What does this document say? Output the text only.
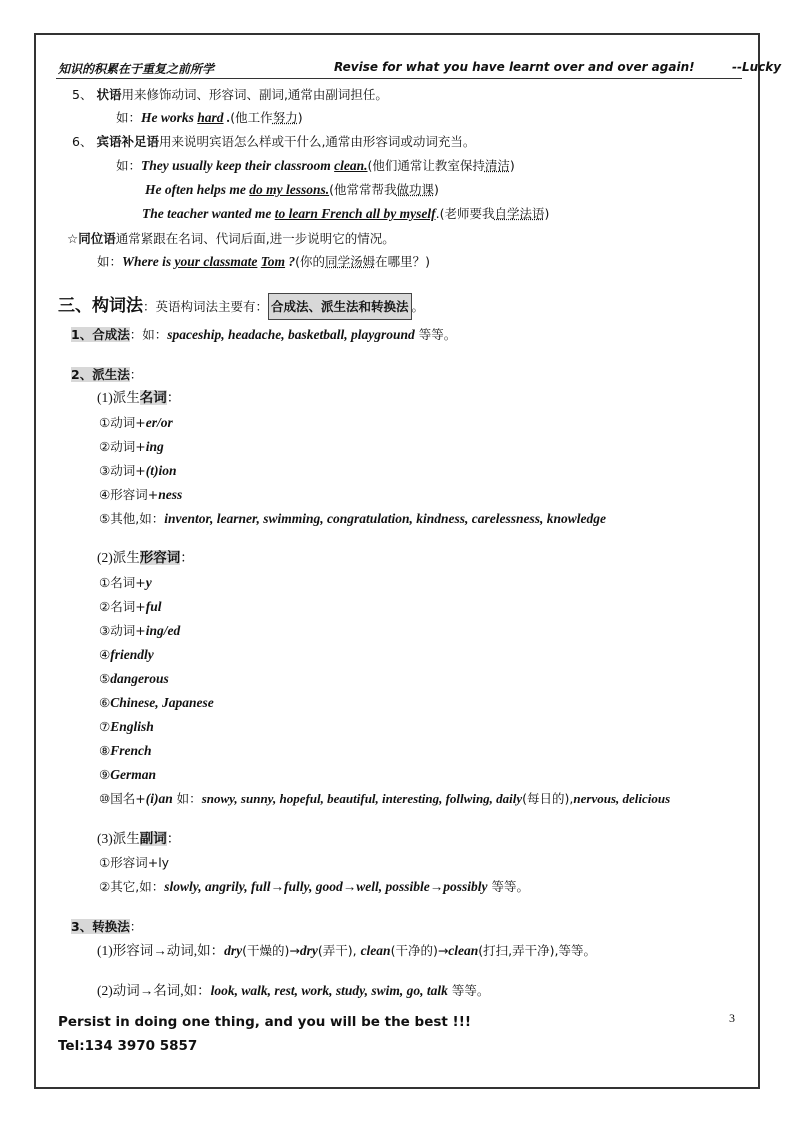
知识的积累在于重复之前所学	Revise for what you have learnt over and over again!	--Lucky
5、 状语用来修饰动词、形容词、副词,通常由副词担任。
如：He works hard .(他工作努力)
6、 宾语补足语用来说明宾语怎么样或干什么,通常由形容词或动词充当。
如：They usually keep their classroom clean.(他们通常让教室保持清洁)
He often helps me do my lessons.(他常常帮我做功课)
The teacher wanted me to learn French all by myself.(老师要我自学法语)
☆同位语通常紧跟在名词、代词后面,进一步说明它的情况。
如：Where is your classmate Tom ?(你的同学汤姆在哪里？)
三、构词法：英语构词法主要有： 合成法、派生法和转换法 。
1、合成法：如：spaceship, headache, basketball, playground 等等。
2、派生法：
(1)派生名词：
①动词+er/or
②动词+ing
③动词+(t)ion
④形容词+ness
⑤其他,如：inventor, learner, swimming, congratulation, kindness, carelessness, knowledge
(2)派生形容词：
①名词+y
②名词+ful
③动词+ing/ed
④friendly
⑤dangerous
⑥Chinese, Japanese
⑦English
⑧French
⑨German
⑩国名+(i)an 如：snowy, sunny, hopeful, beautiful, interesting, follwing, daily(每日的),nervous, delicious
(3)派生副词：
①形容词+ly
②其它,如：slowly, angrily, full→fully, good→well, possible→possibly 等等。
3、转换法：
(1)形容词→动词,如：dry(干燥的)→dry(弄干), clean(干净的)→clean(打扫,弄干净),等等。
(2)动词→名词,如：look, walk, rest, work, study, swim, go, talk 等等。
Persist in doing one thing, and you will be the best !!!
Tel:134 3970 5857
3
